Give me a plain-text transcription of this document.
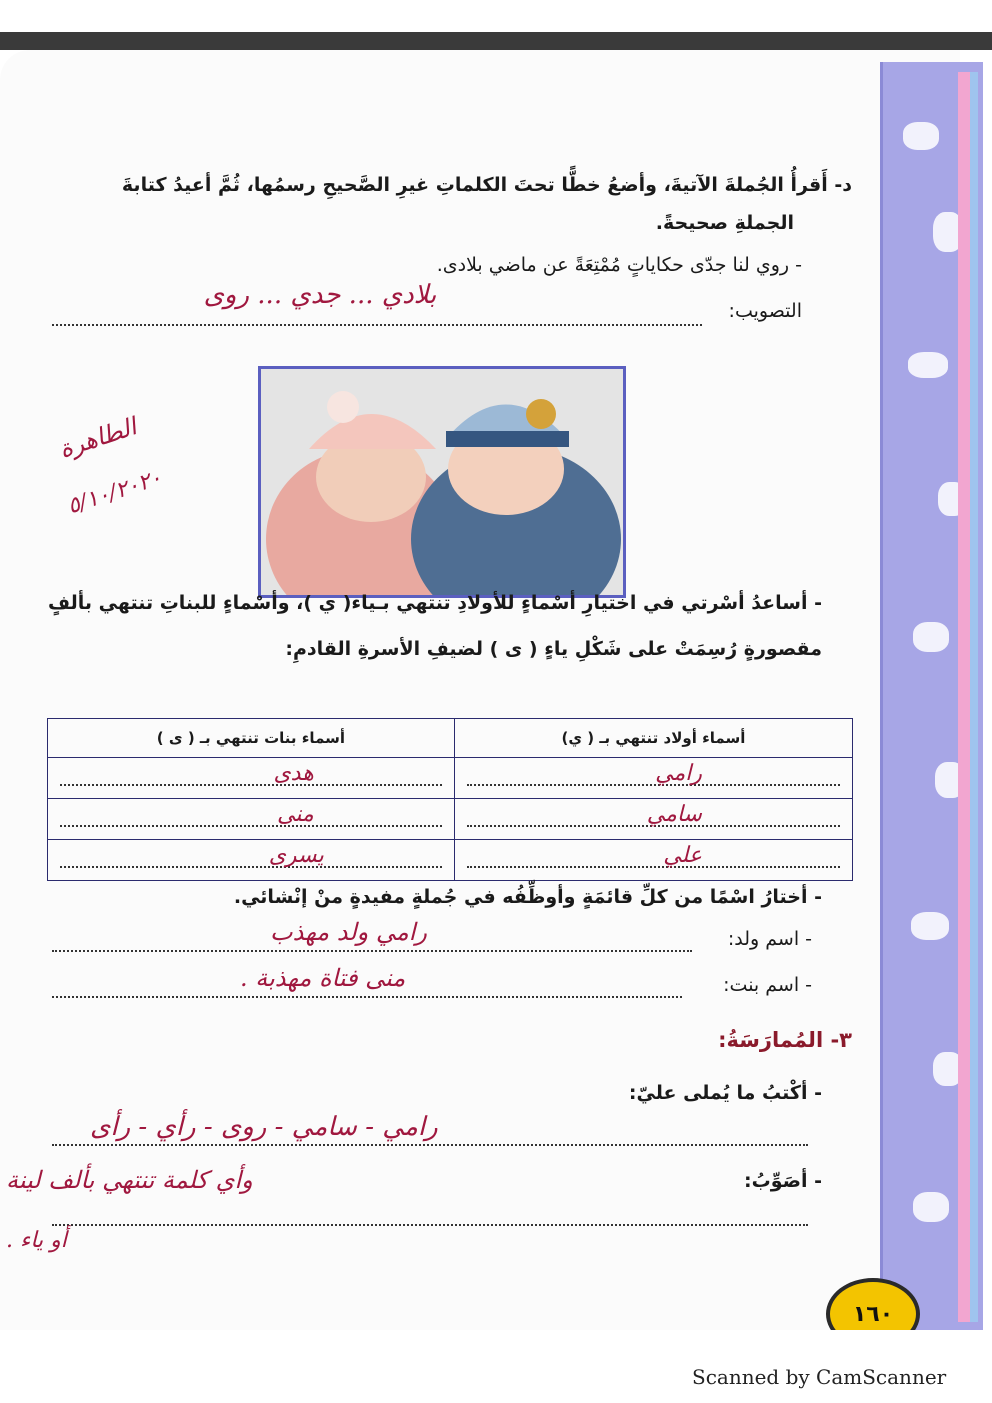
د- أَقرأُ الجُملةَ الآتيةَ، وأضعُ خطًّا تحتَ الكلماتِ غيرِ الصَّحيحِ رسمُها، ثُمَّ أعيدُ كتابةَ
الجملةِ صحيحةً.
- روي لنا جدّى حكاياتٍ مُمْتِعَةً عن ماضي بلادى.
التصويب:
بلادي ... جدي ... روى
الطاهرة
٥/١٠/٢٠٢٠
- أساعدُ أسْرتي في اختيارِ أسْماءٍ للأولادِ تنتهي بـياء( ي )، وأسْماءٍ للبناتِ تنتهي بألفٍ
مقصورةٍ رُسِمَتْ على شَكْلِ ياءٍ ( ى ) لضيفِ الأسرةِ القادمِ:
أسماء أولاد تنتهي بـ ( ي)	أسماء بنات تنتهي بـ ( ى )

رامي	هدى

سامي	منى

علي	يسرى
- أختارُ اسْمًا من كلِّ قائمَةٍ وأوظِّفُه في جُملةٍ مفيدةٍ منْ إنْشائي.
- اسم ولد:
رامي ولد مهذب
- اسم بنت:
منى فتاة مهذبة .
٣- المُمارَسَةُ:
- أكْتبُ ما يُملى عليّ:
رامي - سامي - روى - رأي - رأى
- أصَوِّبُ:
وأي كلمة تنتهي بألف لينة
أو ياء .
١٦٠
Scanned by CamScanner
